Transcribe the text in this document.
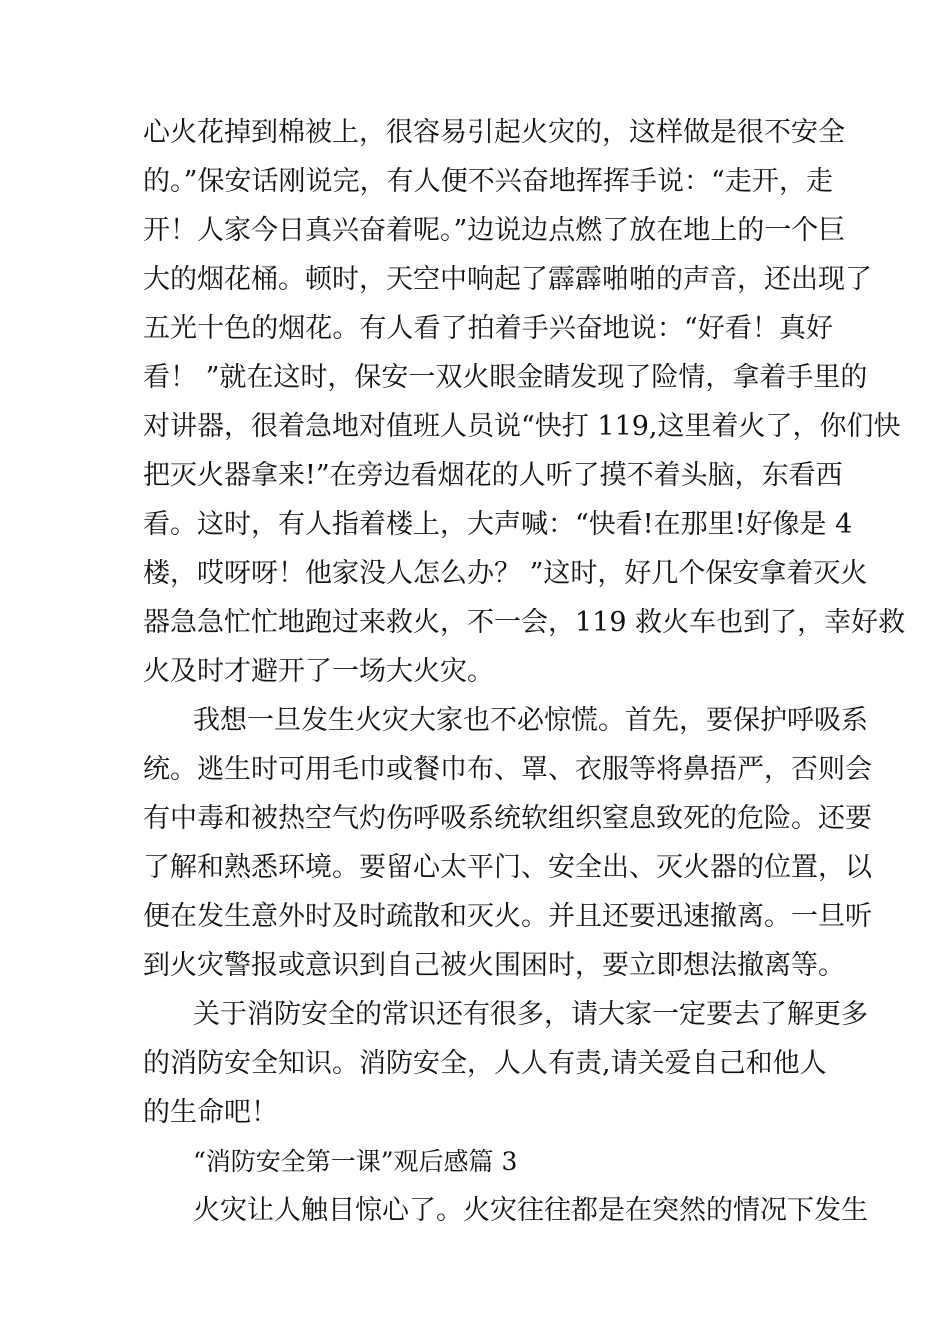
心火花掉到棉被上，很容易引起火灾的，这样做是很不安全
的。”保安话刚说完，有人便不兴奋地挥挥手说：“走开，走
开！人家今日真兴奋着呢。”边说边点燃了放在地上的一个巨
大的烟花桶。顿时，天空中响起了霹霹啪啪的声音，还出现了
五光十色的烟花。有人看了拍着手兴奋地说：“好看！真好
看！ ”就在这时，保安一双火眼金睛发现了险情，拿着手里的
对讲器，很着急地对值班人员说“快打 119,这里着火了，你们快
把灭火器拿来!”在旁边看烟花的人听了摸不着头脑，东看西
看。这时，有人指着楼上，大声喊：“快看!在那里!好像是 4
楼，哎呀呀！他家没人怎么办？ ”这时，好几个保安拿着灭火
器急急忙忙地跑过来救火，不一会，119 救火车也到了，幸好救
火及时才避开了一场大火灾。
我想一旦发生火灾大家也不必惊慌。首先，要保护呼吸系
统。逃生时可用毛巾或餐巾布、罩、衣服等将鼻捂严，否则会
有中毒和被热空气灼伤呼吸系统软组织窒息致死的危险。还要
了解和熟悉环境。要留心太平门、安全出、灭火器的位置，以
便在发生意外时及时疏散和灭火。并且还要迅速撤离。一旦听
到火灾警报或意识到自己被火围困时，要立即想法撤离等。
关于消防安全的常识还有很多，请大家一定要去了解更多
的消防安全知识。消防安全，人人有责,请关爱自己和他人
的生命吧！
“消防安全第一课”观后感篇 3
火灾让人触目惊心了。火灾往往都是在突然的情况下发生
